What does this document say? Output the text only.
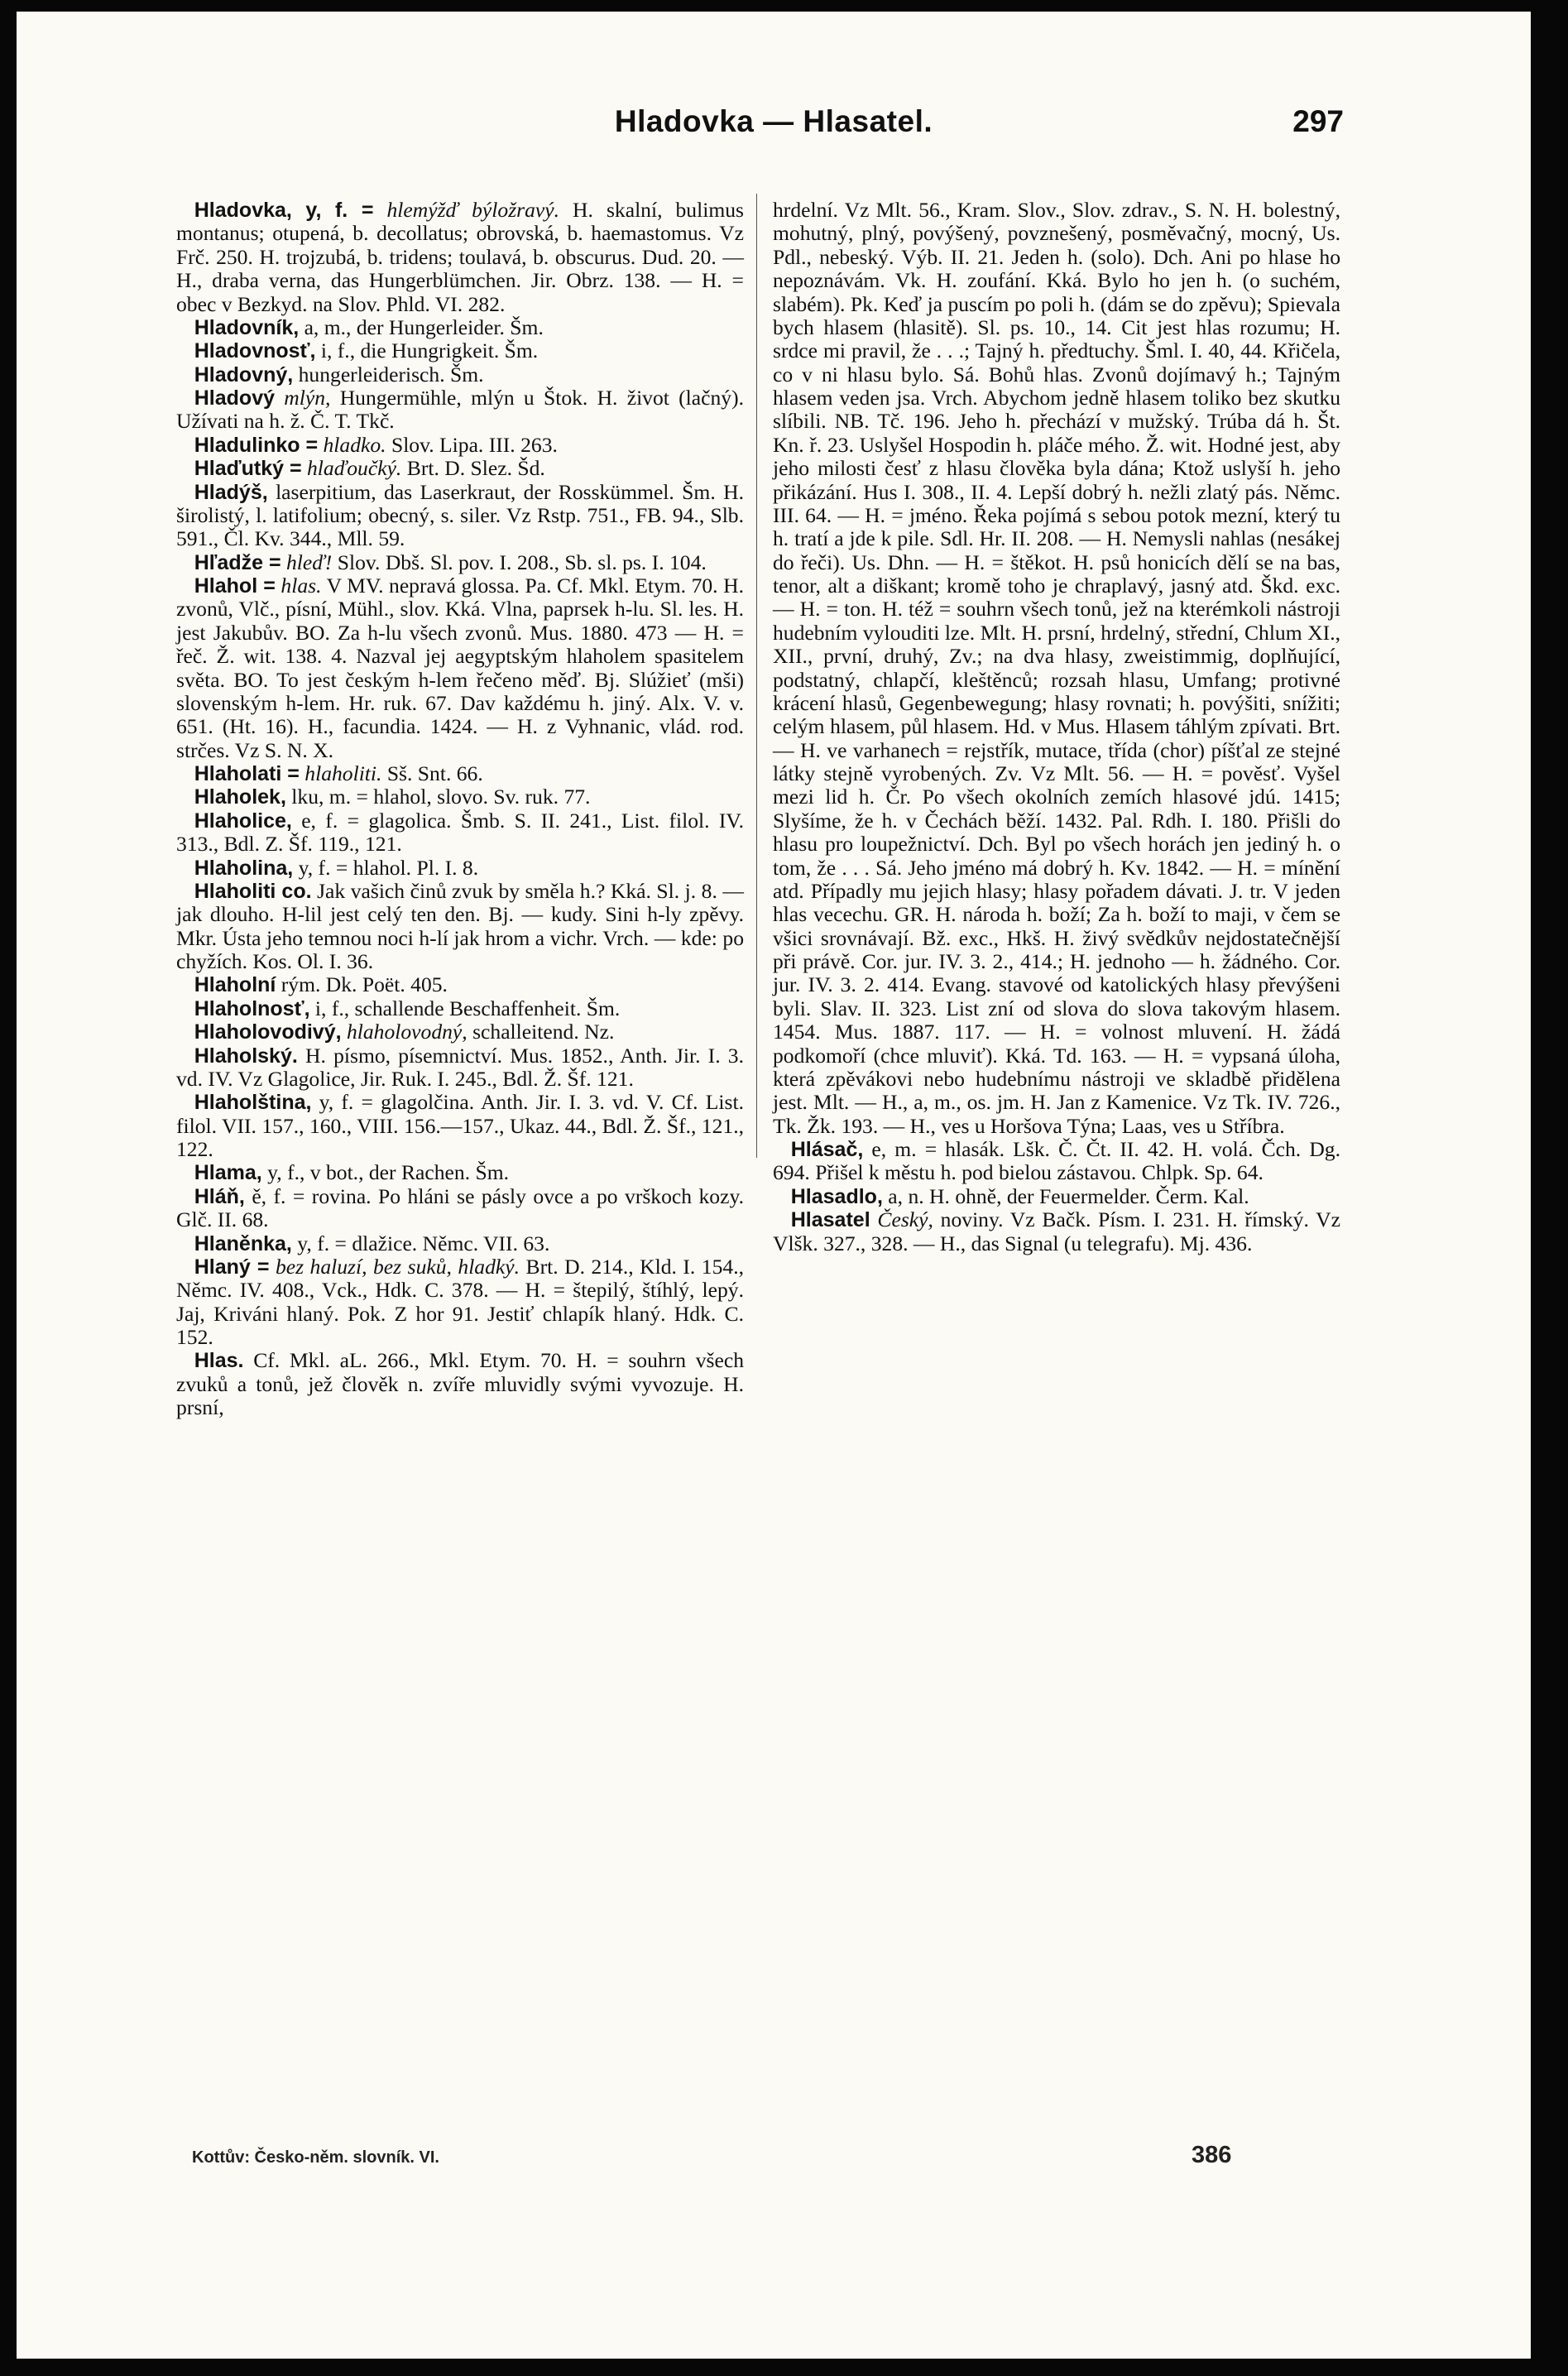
Hladovka — Hlasatel.	297

Hladovka, y, f. = hlemýžď býložravý. H. skalní, bulimus montanus; otupená, b. decollatus; obrovská, b. haemastomus. Vz Frč. 250. H. trojzubá, b. tridens; toulavá, b. obscurus. Dud. 20. — H., draba verna, das Hungerblümchen. Jir. Obrz. 138. — H. = obec v Bezkyd. na Slov. Phld. VI. 282.

Hladovník, a, m., der Hungerleider. Šm.

Hladovnosť, i, f., die Hungrigkeit. Šm.

Hladovný, hungerleiderisch. Šm.

Hladový mlýn, Hungermühle, mlýn u Štok. H. život (lačný). Užívati na h. ž. Č. T. Tkč.

Hladulinko = hladko. Slov. Lipa. III. 263.

Hlaďutký = hlaďoučký. Brt. D. Slez. Šd.

Hladýš, laserpitium, das Laserkraut, der Rosskümmel. Šm. H. širolistý, l. latifolium; obecný, s. siler. Vz Rstp. 751., FB. 94., Slb. 591., Čl. Kv. 344., Mll. 59.

Hľadže = hleď! Slov. Dbš. Sl. pov. I. 208., Sb. sl. ps. I. 104.

Hlahol = hlas. V MV. nepravá glossa. Pa. Cf. Mkl. Etym. 70. H. zvonů, Vlč., písní, Mühl., slov. Kká. Vlna, paprsek h-lu. Sl. les. H. jest Jakubův. BO. Za h-lu všech zvonů. Mus. 1880. 473 — H. = řeč. Ž. wit. 138. 4. Nazval jej aegyptským hlaholem spasitelem světa. BO. To jest českým h-lem řečeno měď. Bj. Slúžieť (mši) slovenským h-lem. Hr. ruk. 67. Dav každému h. jiný. Alx. V. v. 651. (Ht. 16). H., facundia. 1424. — H. z Vyhnanic, vlád. rod. strčes. Vz S. N. X.

Hlaholati = hlaholiti. Sš. Snt. 66.

Hlaholek, lku, m. = hlahol, slovo. Sv. ruk. 77.

Hlaholice, e, f. = glagolica. Šmb. S. II. 241., List. filol. IV. 313., Bdl. Z. Šf. 119., 121.

Hlaholina, y, f. = hlahol. Pl. I. 8.

Hlaholiti co. Jak vašich činů zvuk by směla h.? Kká. Sl. j. 8. — jak dlouho. H-lil jest celý ten den. Bj. — kudy. Sini h-ly zpěvy. Mkr. Ústa jeho temnou noci h-lí jak hrom a vichr. Vrch. — kde: po chyžích. Kos. Ol. I. 36.

Hlaholní rým. Dk. Poët. 405.

Hlaholnosť, i, f., schallende Beschaffenheit. Šm.

Hlaholovodivý, hlaholovodný, schalleitend. Nz.

Hlaholský. H. písmo, písemnictví. Mus. 1852., Anth. Jir. I. 3. vd. IV. Vz Glagolice, Jir. Ruk. I. 245., Bdl. Ž. Šf. 121.

Hlaholština, y, f. = glagolčina. Anth. Jir. I. 3. vd. V. Cf. List. filol. VII. 157., 160., VIII. 156.—157., Ukaz. 44., Bdl. Ž. Šf., 121., 122.

Hlama, y, f., v bot., der Rachen. Šm.

Hláň, ě, f. = rovina. Po hláni se pásly ovce a po vrškoch kozy. Glč. II. 68.

Hlaněnka, y, f. = dlažice. Němc. VII. 63.

Hlaný = bez haluzí, bez suků, hladký. Brt. D. 214., Kld. I. 154., Němc. IV. 408., Vck., Hdk. C. 378. — H. = štepilý, štíhlý, lepý. Jaj, Kriváni hlaný. Pok. Z hor 91. Jestiť chlapík hlaný. Hdk. C. 152.

Hlas. Cf. Mkl. aL. 266., Mkl. Etym. 70. H. = souhrn všech zvuků a tonů, jež člověk n. zvíře mluvidly svými vyvozuje. H. prsní,

hrdelní. Vz Mlt. 56., Kram. Slov., Slov. zdrav., S. N. H. bolestný, mohutný, plný, povýšený, povznešený, posměvačný, mocný, Us. Pdl., nebeský. Výb. II. 21. Jeden h. (solo). Dch. Ani po hlase ho nepoznávám. Vk. H. zoufání. Kká. Bylo ho jen h. (o suchém, slabém). Pk. Keď ja puscím po poli h. (dám se do zpěvu); Spievala bych hlasem (hlasitě). Sl. ps. 10., 14. Cit jest hlas rozumu; H. srdce mi pravil, že . . .; Tajný h. předtuchy. Šml. I. 40, 44. Křičela, co v ni hlasu bylo. Sá. Bohů hlas. Zvonů dojímavý h.; Tajným hlasem veden jsa. Vrch. Abychom jedně hlasem toliko bez skutku slíbili. NB. Tč. 196. Jeho h. přechází v mužský. Trúba dá h. Št. Kn. ř. 23. Uslyšel Hospodin h. pláče mého. Ž. wit. Hodné jest, aby jeho milosti česť z hlasu člověka byla dána; Ktož uslyší h. jeho přikázání. Hus I. 308., II. 4. Lepší dobrý h. nežli zlatý pás. Němc. III. 64. — H. = jméno. Řeka pojímá s sebou potok mezní, který tu h. tratí a jde k pile. Sdl. Hr. II. 208. — H. Nemysli nahlas (nesákej do řeči). Us. Dhn. — H. = štěkot. H. psů honicích dělí se na bas, tenor, alt a diškant; kromě toho je chraplavý, jasný atd. Škd. exc. — H. = ton. H. též = souhrn všech tonů, jež na kterémkoli nástroji hudebním vylouditi lze. Mlt. H. prsní, hrdelný, střední, Chlum XI., XII., první, druhý, Zv.; na dva hlasy, zweistimmig, doplňující, podstatný, chlapčí, kleštěnců; rozsah hlasu, Umfang; protivné krácení hlasů, Gegenbewegung; hlasy rovnati; h. povýšiti, snížiti; celým hlasem, půl hlasem. Hd. v Mus. Hlasem táhlým zpívati. Brt. — H. ve varhanech = rejstřík, mutace, třída (chor) píšťal ze stejné látky stejně vyrobených. Zv. Vz Mlt. 56. — H. = pověsť. Vyšel mezi lid h. Čr. Po všech okolních zemích hlasové jdú. 1415; Slyšíme, že h. v Čechách běží. 1432. Pal. Rdh. I. 180. Přišli do hlasu pro loupežnictví. Dch. Byl po všech horách jen jediný h. o tom, že . . . Sá. Jeho jméno má dobrý h. Kv. 1842. — H. = mínění atd. Případly mu jejich hlasy; hlasy pořadem dávati. J. tr. V jeden hlas vecechu. GR. H. národa h. boží; Za h. boží to maji, v čem se všici srovnávají. Bž. exc., Hkš. H. živý svědkův nejdostatečnější při právě. Cor. jur. IV. 3. 2., 414.; H. jednoho — h. žádného. Cor. jur. IV. 3. 2. 414. Evang. stavové od katolických hlasy převýšeni byli. Slav. II. 323. List zní od slova do slova takovým hlasem. 1454. Mus. 1887. 117. — H. = volnost mluvení. H. žádá podkomoří (chce mluviť). Kká. Td. 163. — H. = vypsaná úloha, která zpěvákovi nebo hudebnímu nástroji ve skladbě přidělena jest. Mlt. — H., a, m., os. jm. H. Jan z Kamenice. Vz Tk. IV. 726., Tk. Žk. 193. — H., ves u Horšova Týna; Laas, ves u Stříbra.

Hlásač, e, m. = hlasák. Lšk. Č. Čt. II. 42. H. volá. Čch. Dg. 694. Přišel k městu h. pod bielou zástavou. Chlpk. Sp. 64.

Hlasadlo, a, n. H. ohně, der Feuermelder. Čerm. Kal.

Hlasatel Český, noviny. Vz Bačk. Písm. I. 231. H. římský. Vz Vlšk. 327., 328. — H., das Signal (u telegrafu). Mj. 436.

Kottův: Česko-něm. slovník. VI.	386
